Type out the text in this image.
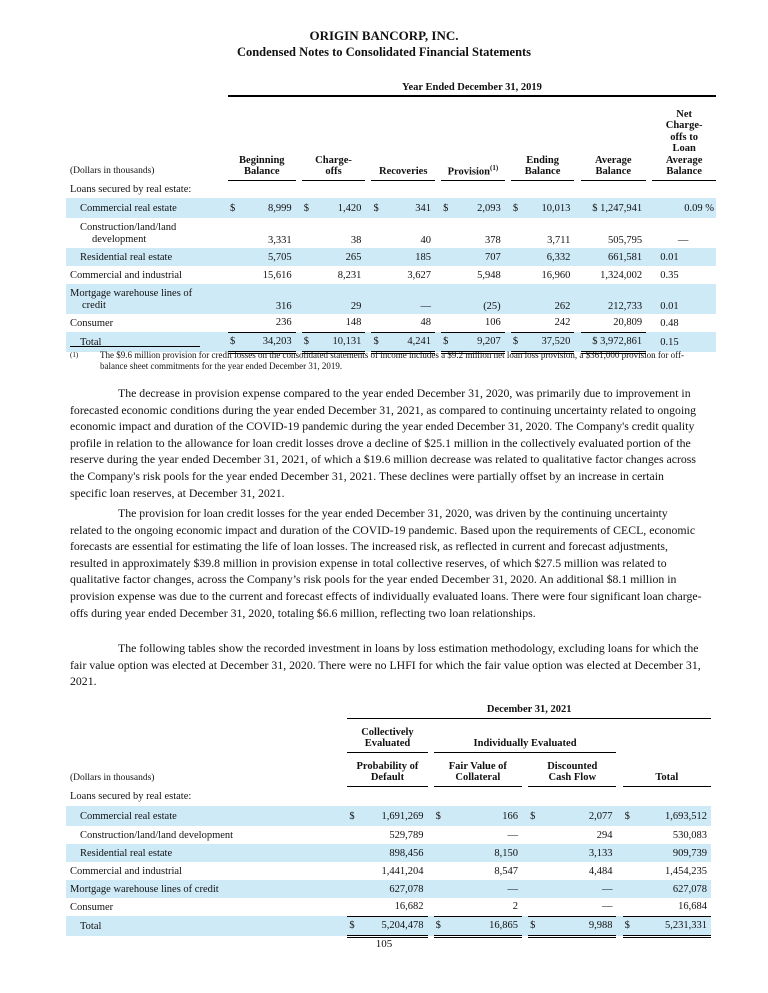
ORIGIN BANCORP, INC.
Condensed Notes to Consolidated Financial Statements
	Year Ended December 31, 2019																	
(Dollars in thousands)	Beginning
Balance		Charge-
offs		Recoveries		Provision$^{(1)}$		Ending
Balance		Average
Balance		Net
Charge-
offs to
Loan
Average
Balance
Loans secured by real estate:																		
Commercial real estate	$	8,999		$	1,420		$	341		$	2,093		$	10,013		$ 1,247,941		0.09 %
Construction/land/land
development		3,331			38			40			378			3,711		505,795		—
Residential real estate		5,705			265			185			707			6,332		661,581		0.01
Commercial and industrial		15,616			8,231			3,627			5,948			16,960		1,324,002		0.35
Mortgage warehouse lines of
credit		316			29			—			(25)			262		212,733		0.01
Consumer		236			148			48			106			242		20,809		0.48
Total	$	34,203		$	10,131		$	4,241		$	9,207		$	37,520		$ 3,972,861		0.15
(1) The $9.6 million provision for credit losses on the consolidated statements of income includes a $9.2 million net loan loss provision, a $361,000 provision for off-balance sheet commitments for the year ended December 31, 2019.

The decrease in provision expense compared to the year ended December 31, 2020, was primarily due to improvement in forecasted economic conditions during the year ended December 31, 2021, as compared to continuing uncertainty related to ongoing economic impact and duration of the COVID-19 pandemic during the year ended December 31, 2020. The Company's credit quality profile in relation to the allowance for loan credit losses drove a decline of $25.1 million in the collectively evaluated portion of the reserve during the year ended December 31, 2021, of which a $19.6 million decrease was related to qualitative factor changes across the Company's risk pools for the year ended December 31, 2021. These declines were partially offset by an increase in certain specific loan reserves, at December 31, 2021.

The provision for loan credit losses for the year ended December 31, 2020, was driven by the continuing uncertainty related to the ongoing economic impact and duration of the COVID-19 pandemic. Based upon the requirements of CECL, economic forecasts are essential for estimating the life of loan losses. The increased risk, as reflected in current and forecast adjustments, resulted in approximately $39.8 million in provision expense in total collective reserves, of which $27.5 million was related to qualitative factor changes, across the Company’s risk pools for the year ended December 31, 2020. An additional $8.1 million in provision expense was due to the current and forecast effects of individually evaluated loans. There were four significant loan charge-offs during year ended December 31, 2020, totaling $6.6 million, reflecting two loan relationships.

The following tables show the recorded investment in loans by loss estimation methodology, excluding loans for which the fair value option was elected at December 31, 2020. There were no LHFI for which the fair value option was elected at December 31, 2021.

	December 31, 2021										
	Collectively
Evaluated			Individually Evaluated							
(Dollars in thousands)	Probability of
Default			Fair Value of
Collateral			Discounted
Cash Flow			Total	
Loans secured by real estate:											
Commercial real estate	$	1,691,269		$	166		$	2,077		$	1,693,512
Construction/land/land development		529,789			—			294			530,083
Residential real estate		898,456			8,150			3,133			909,739
Commercial and industrial		1,441,204			8,547			4,484			1,454,235
Mortgage warehouse lines of credit		627,078			—			—			627,078
Consumer		16,682			2			—			16,684
Total	$	5,204,478		$	16,865		$	9,988		$	5,231,331
105
